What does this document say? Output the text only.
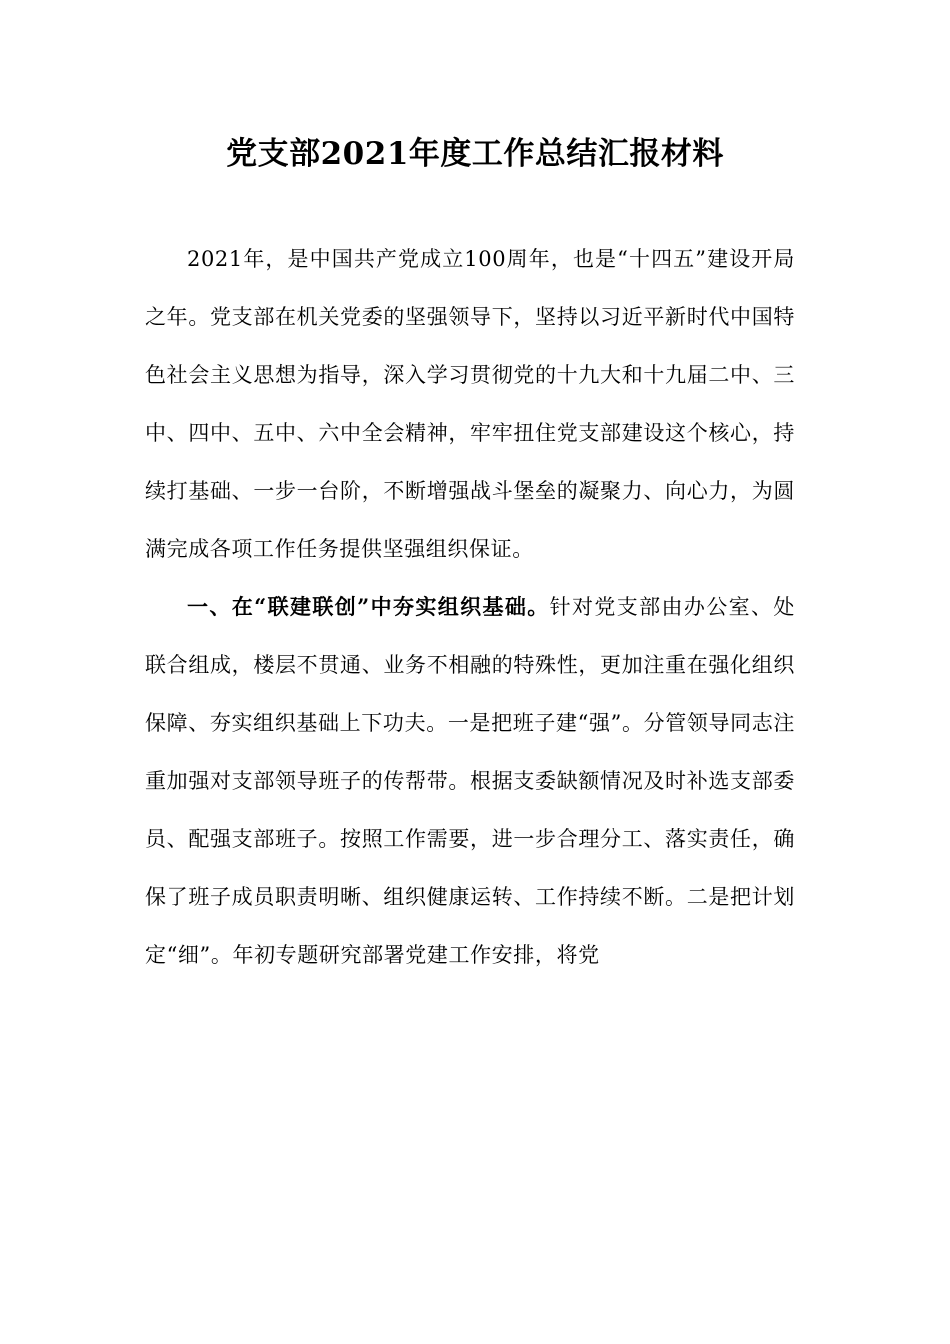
党支部2021年度工作总结汇报材料

2021年，是中国共产党成立100周年，也是“十四五”建设开局之年。党支部在机关党委的坚强领导下，坚持以习近平新时代中国特色社会主义思想为指导，深入学习贯彻党的十九大和十九届二中、三中、四中、五中、六中全会精神，牢牢扭住党支部建设这个核心，持续打基础、一步一台阶，不断增强战斗堡垒的凝聚力、向心力，为圆满完成各项工作任务提供坚强组织保证。

一、在“联建联创”中夯实组织基础。针对党支部由办公室、处联合组成，楼层不贯通、业务不相融的特殊性，更加注重在强化组织保障、夯实组织基础上下功夫。一是把班子建“强”。分管领导同志注重加强对支部领导班子的传帮带。根据支委缺额情况及时补选支部委员、配强支部班子。按照工作需要，进一步合理分工、落实责任，确保了班子成员职责明晰、组织健康运转、工作持续不断。二是把计划定“细”。年初专题研究部署党建工作安排，将党
